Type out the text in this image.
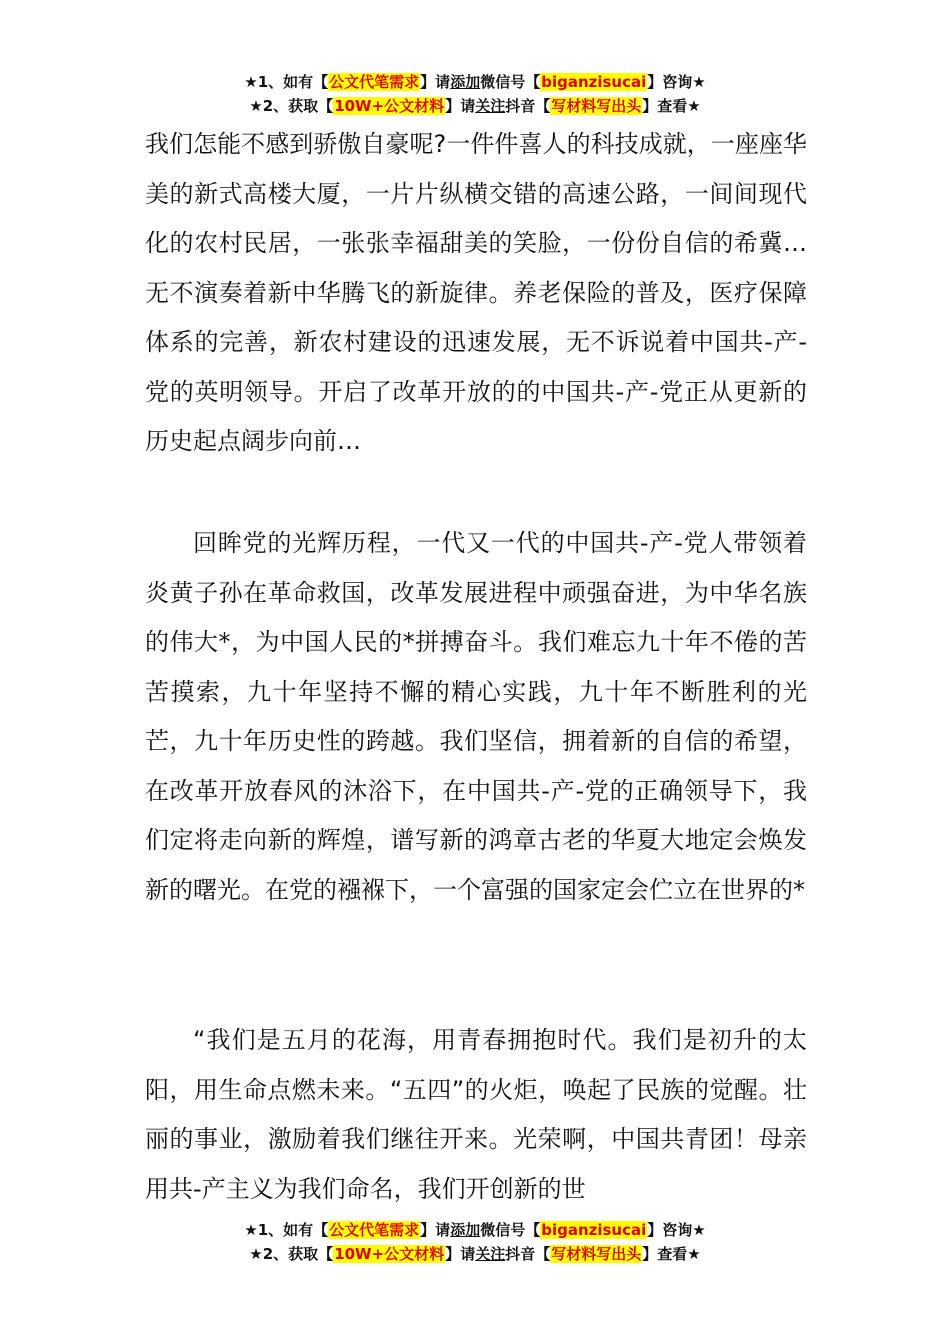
★1、如有【公文代笔需求】请添加微信号【biganzisucai】咨询★
★2、获取【10W+公文材料】请关注抖音【写材料写出头】查看★

我们怎能不感到骄傲自豪呢?一件件喜人的科技成就，一座座华美的新式高楼大厦，一片片纵横交错的高速公路，一间间现代化的农村民居，一张张幸福甜美的笑脸，一份份自信的希冀…无不演奏着新中华腾飞的新旋律。养老保险的普及，医疗保障体系的完善，新农村建设的迅速发展，无不诉说着中国共-产-党的英明领导。开启了改革开放的的中国共-产-党正从更新的历史起点阔步向前…

回眸党的光辉历程，一代又一代的中国共-产-党人带领着炎黄子孙在革命救国，改革发展进程中顽强奋进，为中华名族的伟大*，为中国人民的*拼搏奋斗。我们难忘九十年不倦的苦苦摸索，九十年坚持不懈的精心实践，九十年不断胜利的光芒，九十年历史性的跨越。我们坚信，拥着新的自信的希望，在改革开放春风的沐浴下，在中国共-产-党的正确领导下，我们定将走向新的辉煌，谱写新的鸿章古老的华夏大地定会焕发新的曙光。在党的襁褓下，一个富强的国家定会伫立在世界的*

“我们是五月的花海，用青春拥抱时代。我们是初升的太阳，用生命点燃未来。“五四”的火炬，唤起了民族的觉醒。壮丽的事业，激励着我们继往开来。光荣啊，中国共青团！母亲用共-产主义为我们命名，我们开创新的世

★1、如有【公文代笔需求】请添加微信号【biganzisucai】咨询★
★2、获取【10W+公文材料】请关注抖音【写材料写出头】查看★
